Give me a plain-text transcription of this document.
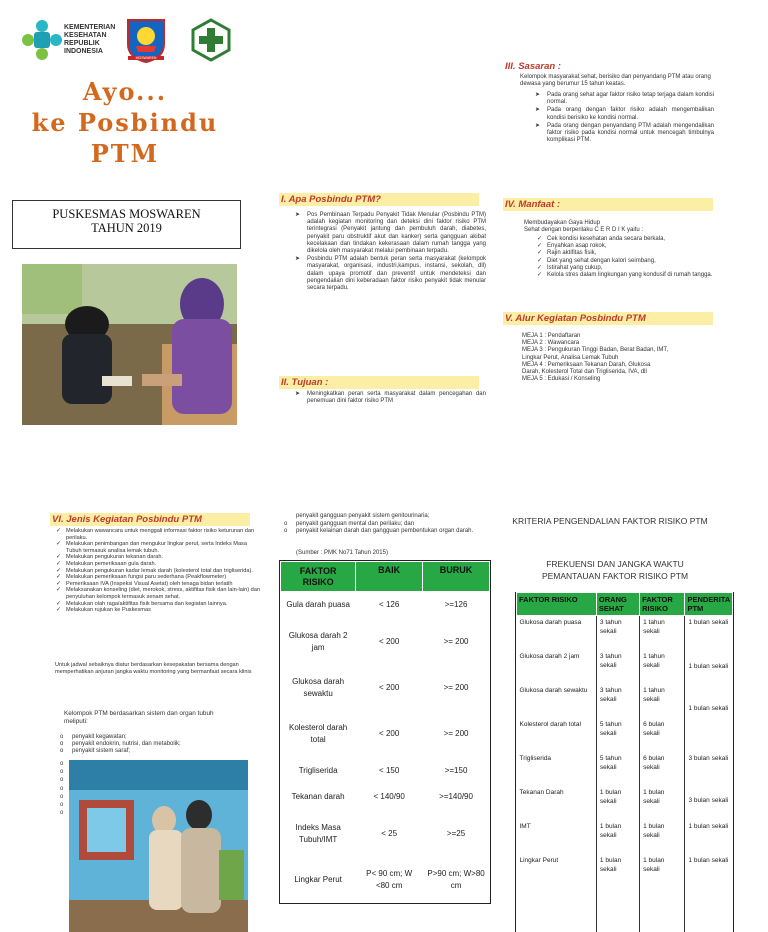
KEMENTERIAN
KESEHATAN
REPUBLIK
INDONESIA
MOSWAREN
Ayo...
ke Posbindu
PTM
PUSKESMAS MOSWAREN
TAHUN 2019
I. Apa Posbindu PTM?
➤ Pos Pembinaan Terpadu Penyakit Tidak Menular (Posbindu PTM) adalah kegiatan monitoring dan deteksi dini faktor risiko PTM terintegrasi (Penyakit jantung dan pembuluh darah, diabetes, penyakit paru obstruktif akut dan kanker) serta gangguan akibat kecelakaan dan tindakan kekerasaan dalam rumah tangga yang dikelola oleh masyarakat melalui pembinaan terpadu.
➤ Posbindu PTM adalah bentuk peran serta masyarakat (kelompok masyarakat, organisasi, industri,kampus, instansi, sekolah, dll) dalam upaya promotif dan preventif untuk mendeteksi dan pengendalian dini keberadaan faktor risiko penyakit tidak menular secara terpadu.
II. Tujuan :
➤ Meningkatkan peran serta masyarakat dalam pencegahan dan penemuan dini faktor risiko PTM
III. Sasaran :
Kelompok masyarakat sehat, berisiko dan penyandang PTM atau orang dewasa yang berumur 15 tahun keatas.
➤ Pada orang sehat agar faktor risiko tetap terjaga dalam kondisi normal.
➤ Pada orang dengan faktor risiko adalah mengembalikan kondisi berisiko ke kondisi normal.
➤ Pada orang dengan penyandang PTM adalah mengendalikan faktor risiko pada kondisi normal untuk mencegah timbulnya komplikasi PTM.
IV. Manfaat :
Membudayakan Gaya Hidup
Sehat dengan berperilaku C E R D I K yaitu :
✓ Cek kondisi kesehatan anda secara berkala,
✓ Enyahkan asap rokok,
✓ Rajin aktifitas fisik,
✓ Diet yang sehat dengan kalori seimbang,
✓ Istirahat yang cukup,
✓ Kelola stres dalam lingkungan yang kondusif di rumah tangga.
V. Alur Kegiatan Posbindu PTM
MEJA 1 : Pendaftaran
MEJA 2 : Wawancara
MEJA 3 : Pengukuran Tinggi Badan, Berat Badan, IMT,
Lingkar Perut, Analisa Lemak Tubuh
MEJA 4 : Pemeriksaan Tekanan Darah, Glukosa
Darah, Kolesterol Total dan Trigliserida, IVA, dll
MEJA 5 : Edukasi / Konseling
VI. Jenis Kegiatan Posbindu PTM
✓ Melakukan wawancara untuk menggali informasi faktor risiko keturunan dan perilaku.
✓ Melakukan penimbangan dan mengukur lingkar perut, serta Indeks Masa Tubuh termasuk analisa lemak tubuh.
✓ Melakukan pengukuran tekanan darah.
✓ Melakukan pemeriksaan gula darah.
✓ Melakukan pengukuran kadar lemak darah (kolesterol total dan trigliserida).
✓ Melakukan pemeriksaan fungsi paru sederhana (Peakflowmeter)
✓ Pemeriksaan IVA (Inspeksi Visual Asetat) oleh tenaga bidan terlatih
✓ Melaksanakan konseling (diet, merokok, stress, aktifitas fisik dan lain-lain) dan penyuluhan kelompok termasuk senam sehat.
✓ Melakukan olah raga/aktifitas fisik bersama dan kegiatan lainnya.
✓ Melakukan rujukan ke Puskesmas
Untuk jadwal sebaiknya diatur berdasarkan kesepakatan bersama dengan memperhatikan anjuran jangka waktu monitoring yang bermanfaat secara klinis
Kelompok PTM berdasarkan sistem dan organ tubuh meliputi:
o penyakit kegawatan;
o penyakit endokrin, nutrisi, dan metabolik;
o penyakit sistem saraf;
o
o
o
o
o
o
o
penyakit gangguan penyakit sistem genitourinaria;
o penyakit gangguan mental dan perilaku; dan
o penyakit kelainan darah dan gangguan pembentukan organ darah.
(Sumber : PMK No71 Tahun 2015)
FAKTOR RISIKO	BAIK	BURUK
Gula darah puasa	< 126	>=126
Glukosa darah 2 jam	< 200	>= 200
Glukosa darah sewaktu	< 200	>= 200
Kolesterol darah total	< 200	>= 200
Trigliserida	< 150	>=150
Tekanan darah	< 140/90	>=140/90
Indeks Masa Tubuh/IMT	< 25	>=25
Lingkar Perut	P< 90 cm; W <80 cm	P>90 cm; W>80 cm
KRITERIA PENGENDALIAN FAKTOR RISIKO PTM
FREKUENSI DAN JANGKA WAKTU PEMANTAUAN FAKTOR RISIKO PTM
FAKTOR RISIKO	ORANG SEHAT	FAKTOR RISIKO	PENDERITA PTM
Glukosa darah puasa	3 tahun sekali	1 tahun sekali	1 bulan sekali
Glukosa darah 2 jam	3 tahun sekali	1 tahun sekali	1 bulan sekali
Glukosa darah sewaktu	3 tahun sekali	1 tahun sekali	1 bulan sekali
Kolesterol darah total	5 tahun sekali	6 bulan sekali	
Trigliserida	5 tahun sekali	6 bulan sekali	3 bulan sekali
Tekanan Darah	1 bulan sekali	1 bulan sekali	3 bulan sekali
IMT	1 bulan sekali	1 bulan sekali	1 bulan sekali
Lingkar Perut	1 bulan sekali	1 bulan sekali	1 bulan sekali
